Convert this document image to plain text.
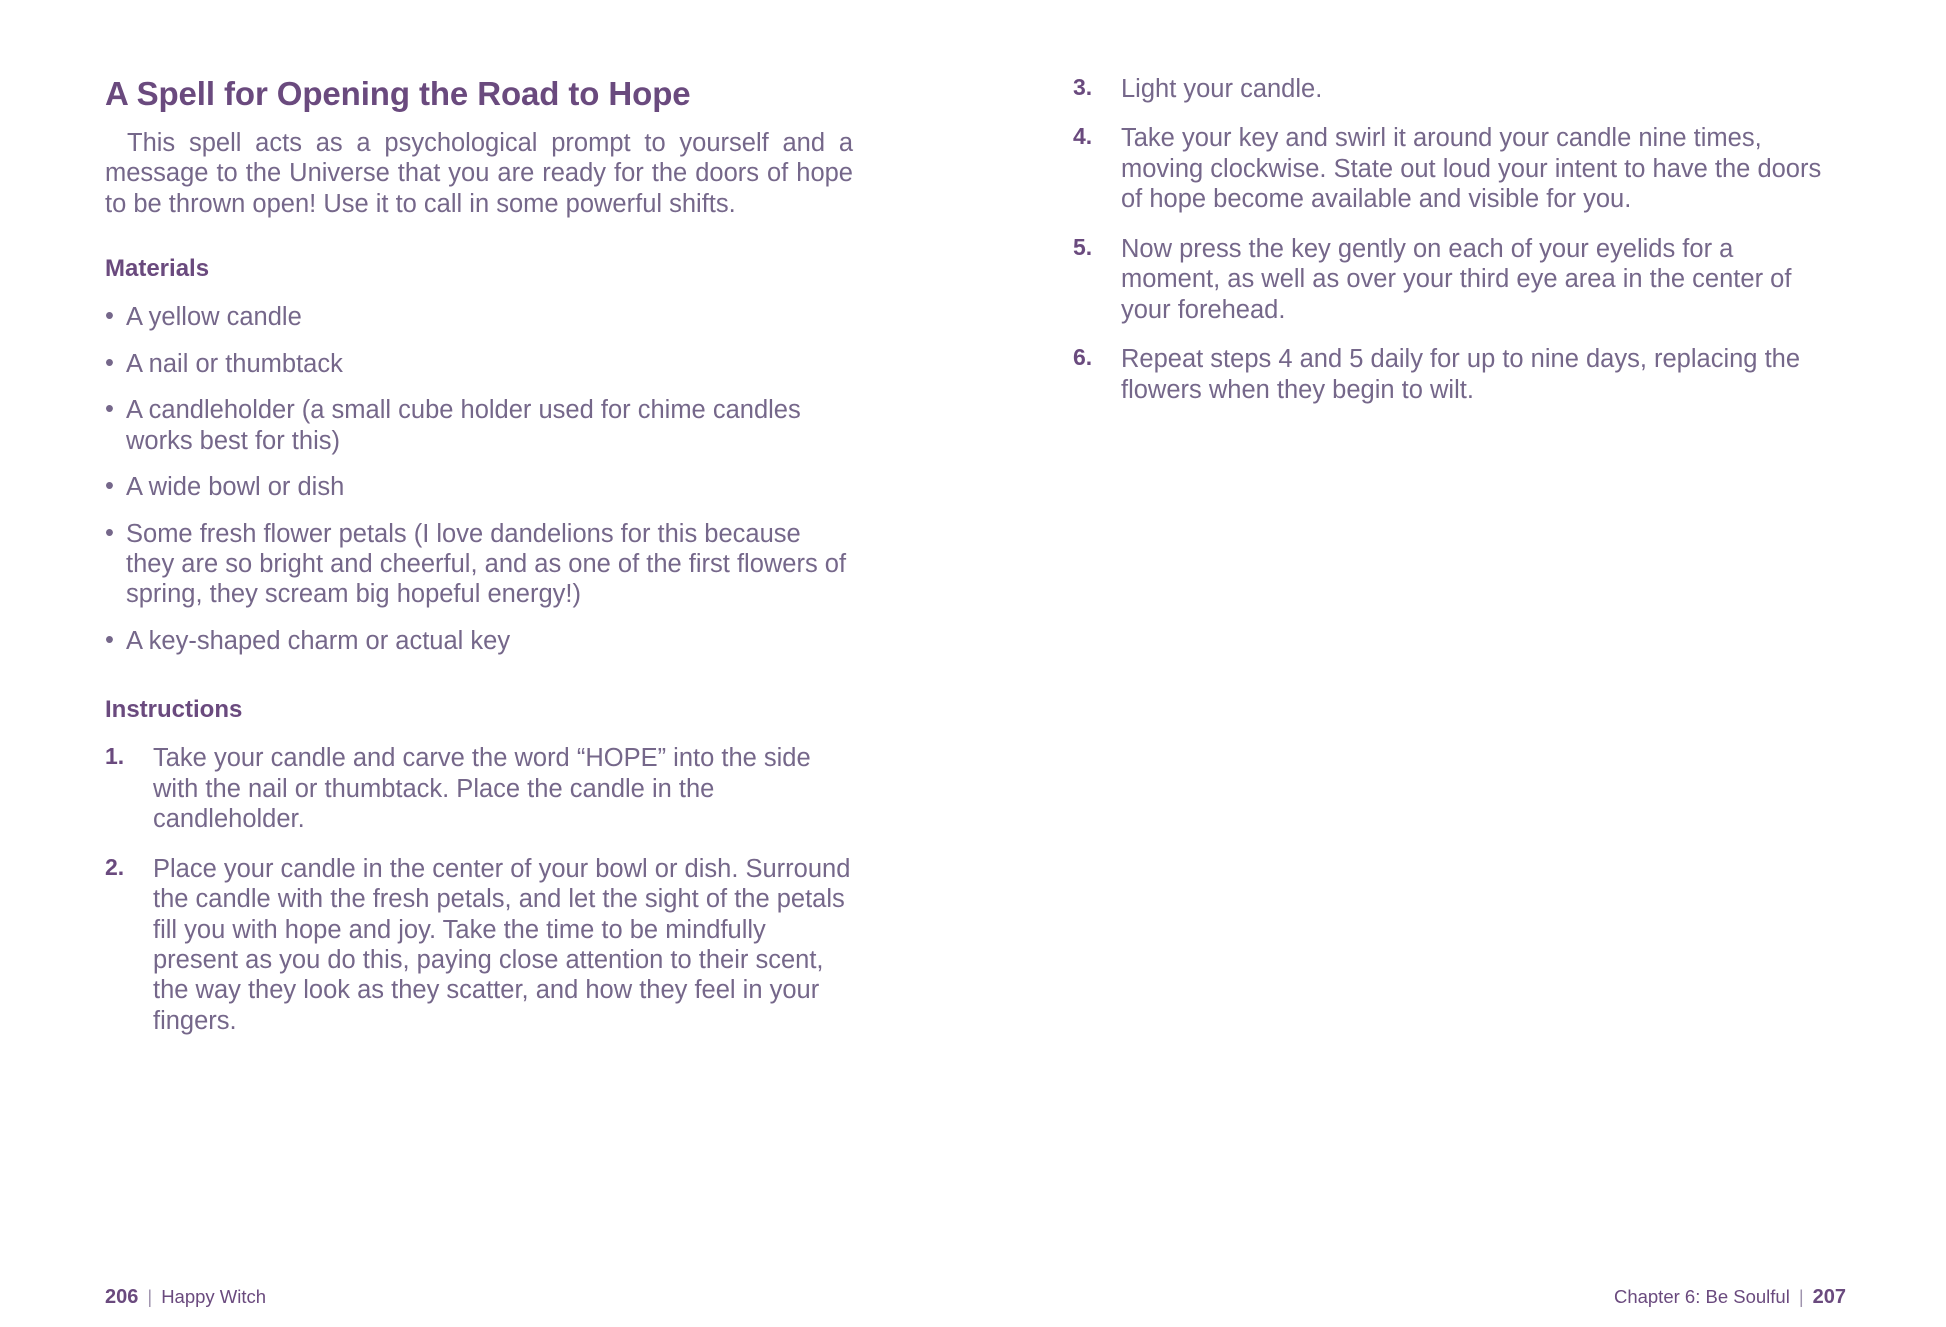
A Spell for Opening the Road to Hope

This spell acts as a psychological prompt to yourself and a message to the Universe that you are ready for the doors of hope to be thrown open! Use it to call in some powerful shifts.

Materials
• A yellow candle
• A nail or thumbtack
• A candleholder (a small cube holder used for chime candles works best for this)
• A wide bowl or dish
• Some fresh flower petals (I love dandelions for this because they are so bright and cheerful, and as one of the first flowers of spring, they scream big hopeful energy!)
• A key-shaped charm or actual key
Instructions
1.	Take your candle and carve the word “HOPE” into the side with the nail or thumbtack. Place the candle in the candleholder.
2.	Place your candle in the center of your bowl or dish. Surround the candle with the fresh petals, and let the sight of the petals fill you with hope and joy. Take the time to be mindfully present as you do this, paying close attention to their scent, the way they look as they scatter, and how they feel in your fingers.
206 | Happy Witch
3.	Light your candle.
4.	Take your key and swirl it around your candle nine times, moving clockwise. State out loud your intent to have the doors of hope become available and visible for you.
5.	Now press the key gently on each of your eyelids for a moment, as well as over your third eye area in the center of your forehead.
6.	Repeat steps 4 and 5 daily for up to nine days, replacing the flowers when they begin to wilt.
Chapter 6: Be Soulful | 207
